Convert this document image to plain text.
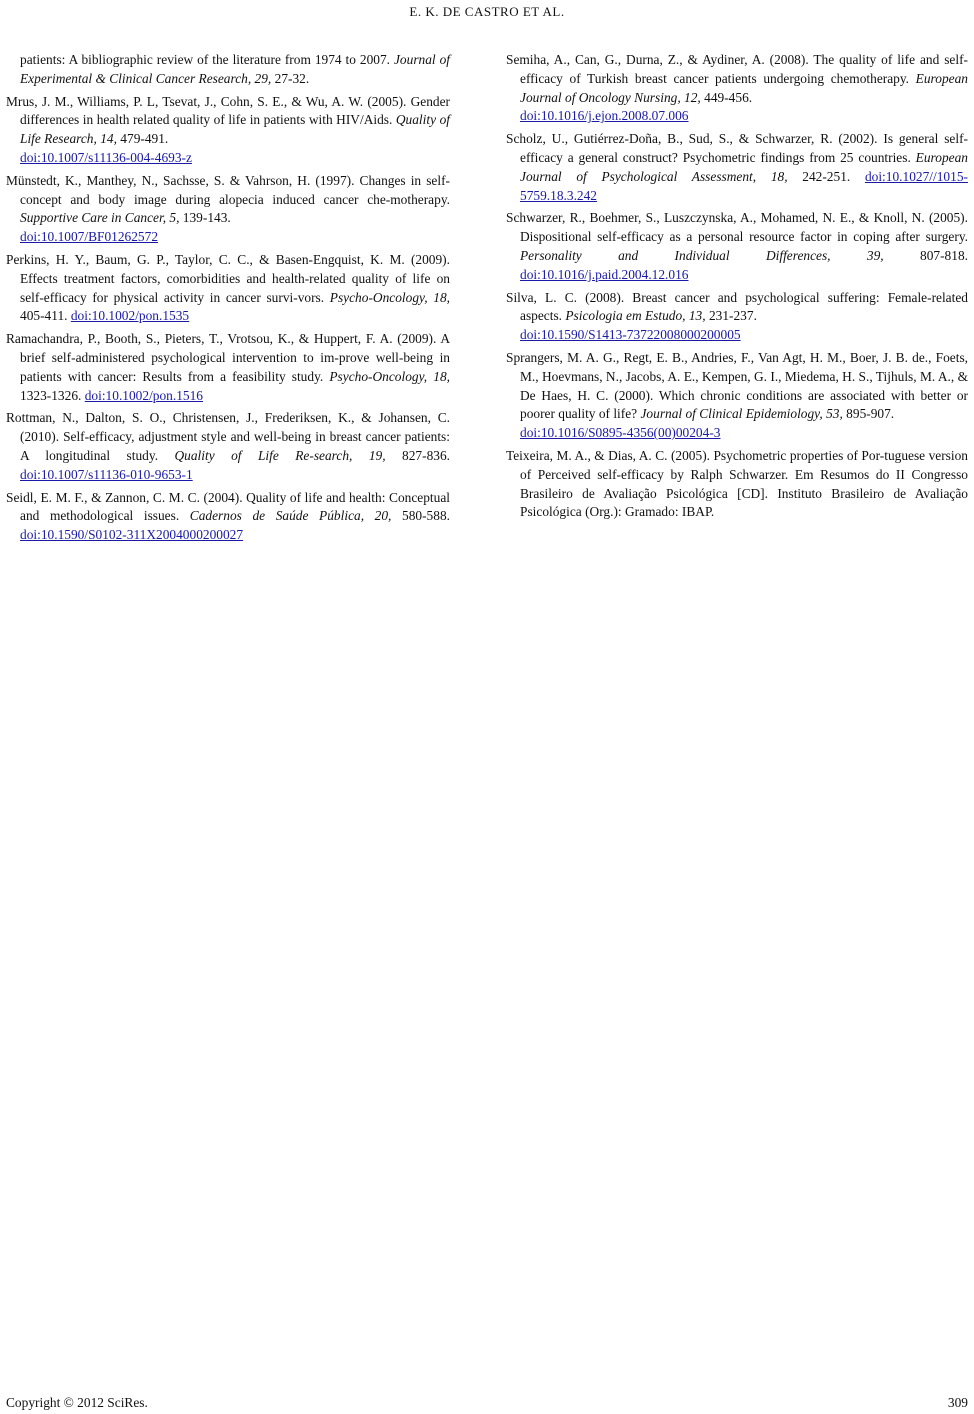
E. K. DE CASTRO ET AL.

patients: A bibliographic review of the literature from 1974 to 2007. Journal of Experimental & Clinical Cancer Research, 29, 27-32.

Mrus, J. M., Williams, P. L, Tsevat, J., Cohn, S. E., & Wu, A. W. (2005). Gender differences in health related quality of life in patients with HIV/Aids. Quality of Life Research, 14, 479-491.
doi:10.1007/s11136-004-4693-z

Münstedt, K., Manthey, N., Sachsse, S. & Vahrson, H. (1997). Changes in self-concept and body image during alopecia induced cancer che-motherapy. Supportive Care in Cancer, 5, 139-143.
doi:10.1007/BF01262572

Perkins, H. Y., Baum, G. P., Taylor, C. C., & Basen-Engquist, K. M. (2009). Effects treatment factors, comorbidities and health-related quality of life on self-efficacy for physical activity in cancer survi-vors. Psycho-Oncology, 18, 405-411. doi:10.1002/pon.1535

Ramachandra, P., Booth, S., Pieters, T., Vrotsou, K., & Huppert, F. A. (2009). A brief self-administered psychological intervention to im-prove well-being in patients with cancer: Results from a feasibility study. Psycho-Oncology, 18, 1323-1326. doi:10.1002/pon.1516

Rottman, N., Dalton, S. O., Christensen, J., Frederiksen, K., & Johansen, C. (2010). Self-efficacy, adjustment style and well-being in breast cancer patients: A longitudinal study. Quality of Life Re-search, 19, 827-836. doi:10.1007/s11136-010-9653-1

Seidl, E. M. F., & Zannon, C. M. C. (2004). Quality of life and health: Conceptual and methodological issues. Cadernos de Saúde Pública, 20, 580-588. doi:10.1590/S0102-311X2004000200027

Semiha, A., Can, G., Durna, Z., & Aydiner, A. (2008). The quality of life and self-efficacy of Turkish breast cancer patients undergoing chemotherapy. European Journal of Oncology Nursing, 12, 449-456.
doi:10.1016/j.ejon.2008.07.006

Scholz, U., Gutiérrez-Doña, B., Sud, S., & Schwarzer, R. (2002). Is general self-efficacy a general construct? Psychometric findings from 25 countries. European Journal of Psychological Assessment, 18, 242-251. doi:10.1027//1015-5759.18.3.242

Schwarzer, R., Boehmer, S., Luszczynska, A., Mohamed, N. E., & Knoll, N. (2005). Dispositional self-efficacy as a personal resource factor in coping after surgery. Personality and Individual Differences, 39, 807-818. doi:10.1016/j.paid.2004.12.016

Silva, L. C. (2008). Breast cancer and psychological suffering: Female-related aspects. Psicologia em Estudo, 13, 231-237.
doi:10.1590/S1413-73722008000200005

Sprangers, M. A. G., Regt, E. B., Andries, F., Van Agt, H. M., Boer, J. B. de., Foets, M., Hoevmans, N., Jacobs, A. E., Kempen, G. I., Miedema, H. S., Tijhuls, M. A., & De Haes, H. C. (2000). Which chronic conditions are associated with better or poorer quality of life? Journal of Clinical Epidemiology, 53, 895-907.
doi:10.1016/S0895-4356(00)00204-3

Teixeira, M. A., & Dias, A. C. (2005). Psychometric properties of Por-tuguese version of Perceived self-efficacy by Ralph Schwarzer. Em Resumos do II Congresso Brasileiro de Avaliação Psicológica [CD]. Instituto Brasileiro de Avaliação Psicológica (Org.): Gramado: IBAP.

Copyright © 2012 SciRes.	309
